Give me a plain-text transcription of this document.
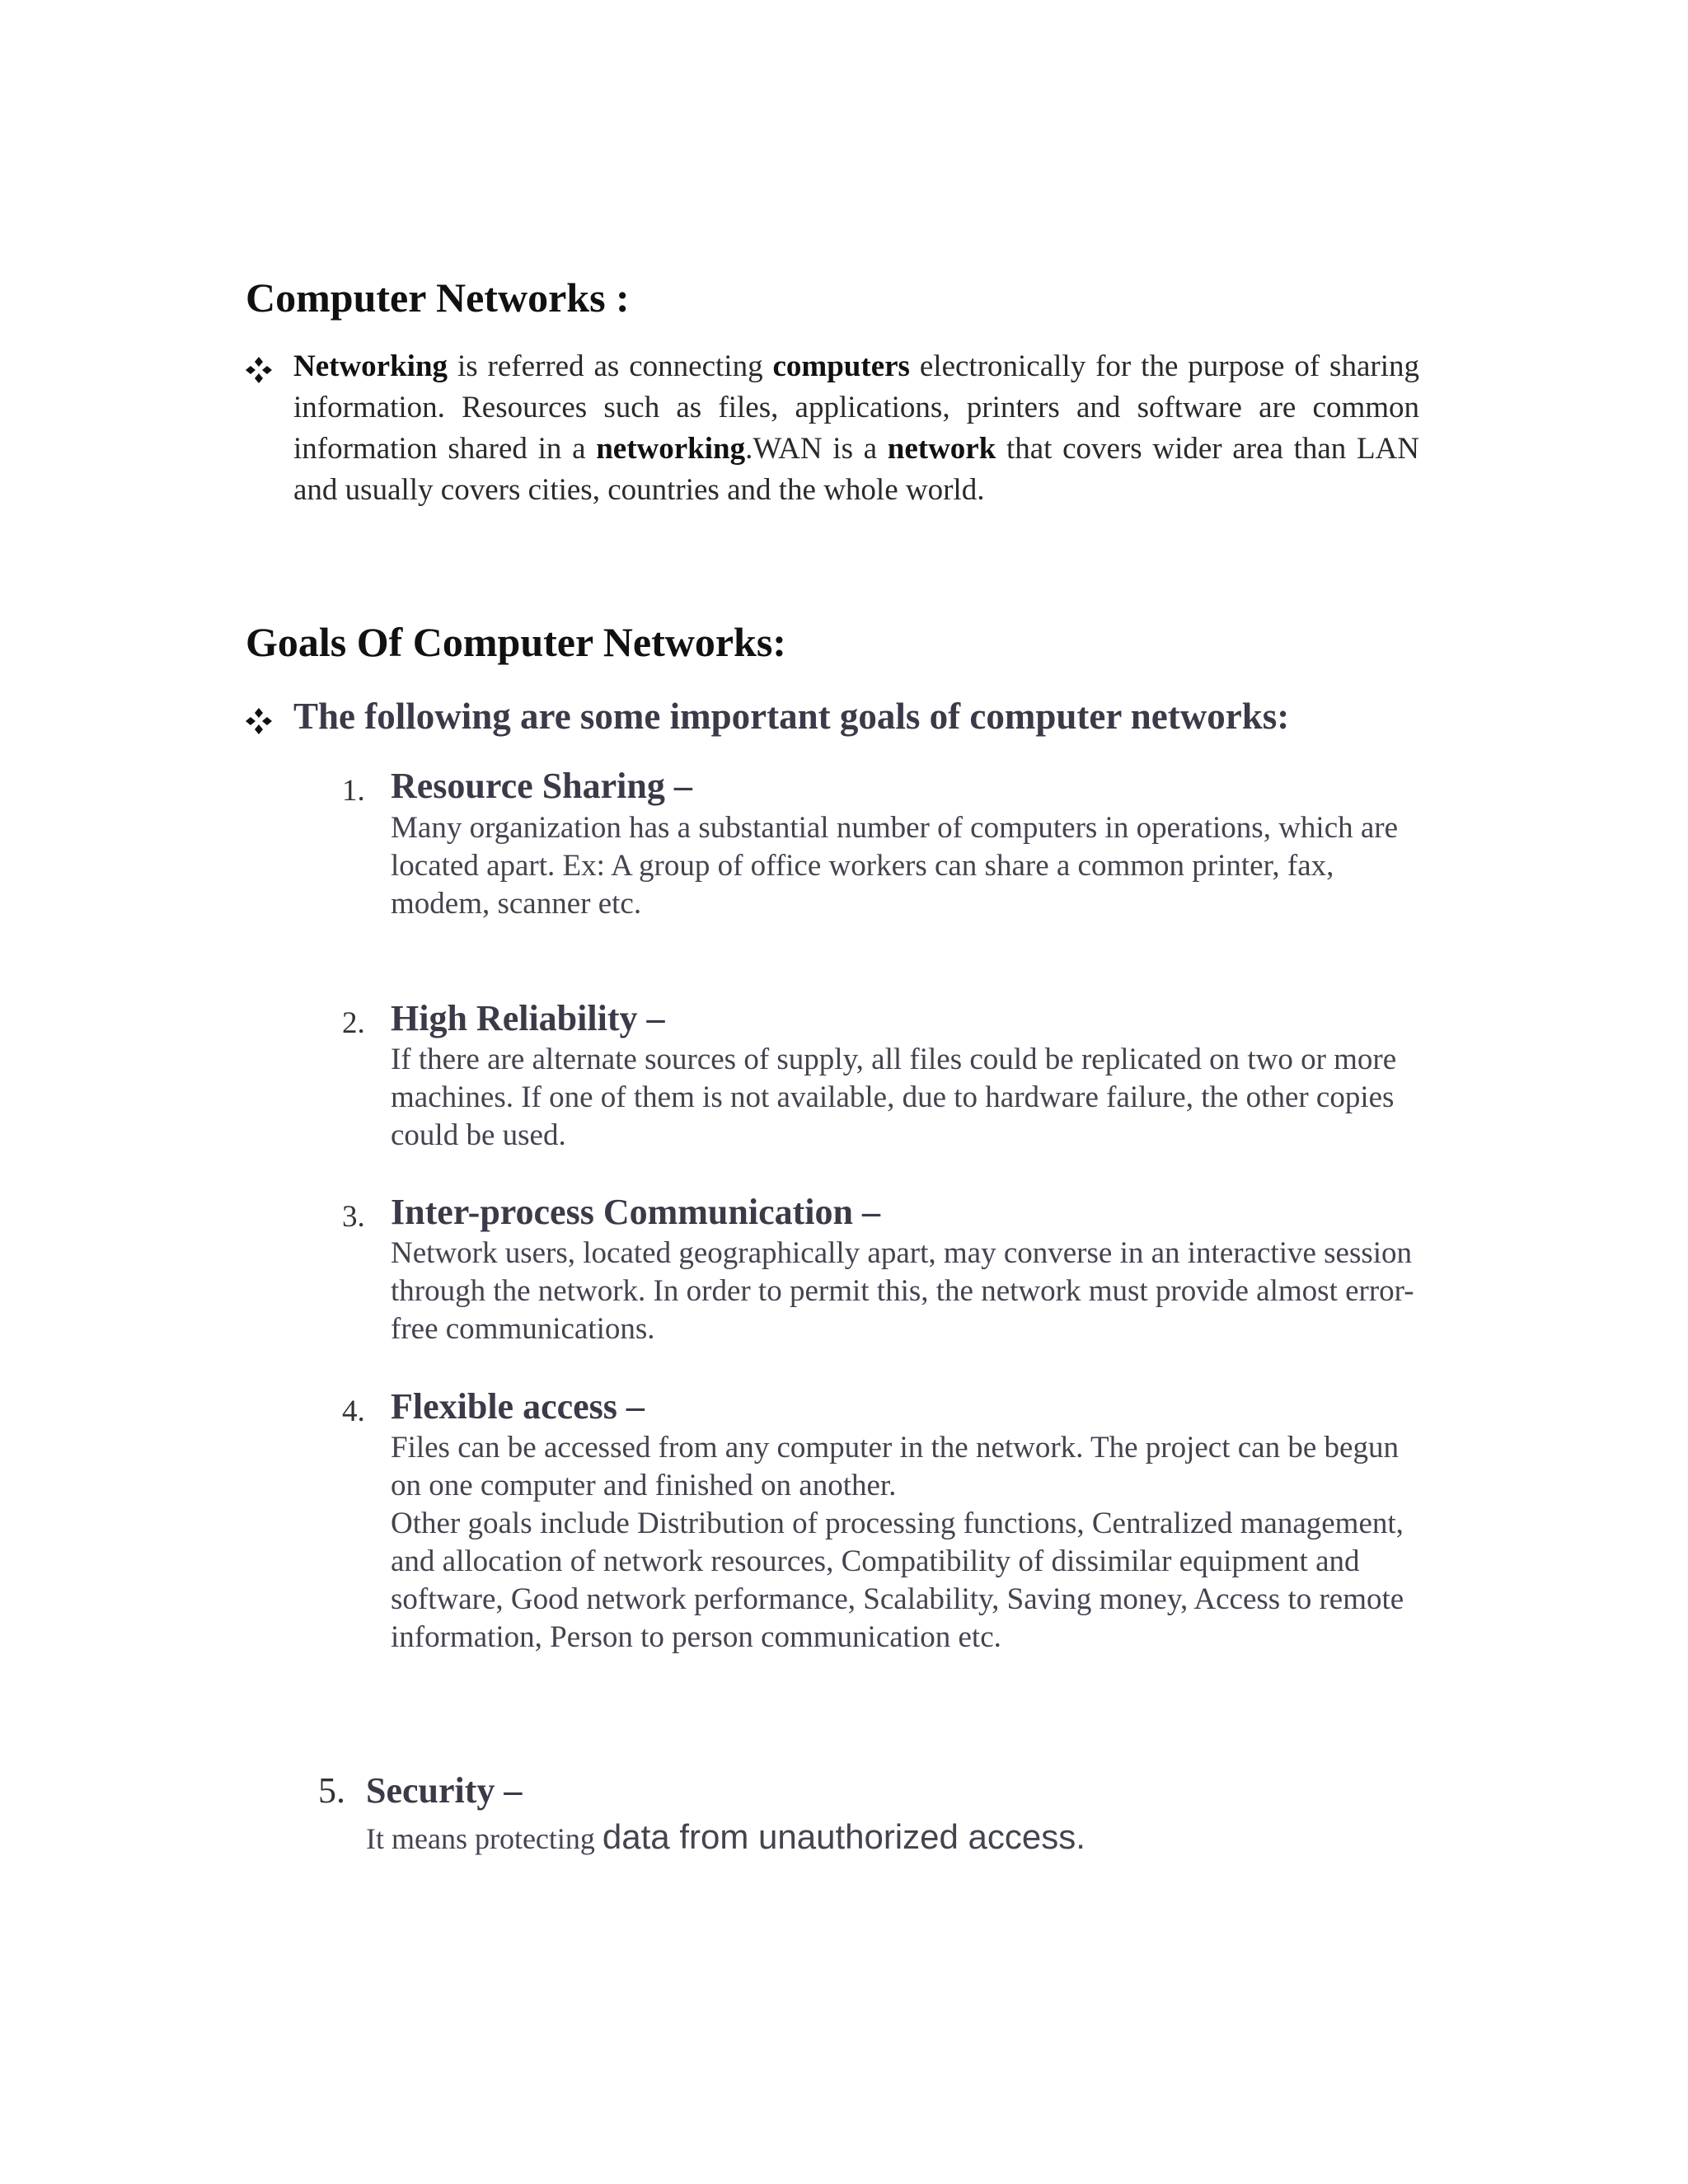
Computer Networks :

Networking is referred as connecting computers electronically for the purpose of sharing information. Resources such as files, applications, printers and software are common information shared in a networking.WAN is a network that covers wider area than LAN and usually covers cities, countries and the whole world.

Goals Of Computer Networks:
The following are some important goals of computer networks:
1. Resource Sharing –

Many organization has a substantial number of computers in operations, which are located apart. Ex: A group of office workers can share a common printer, fax, modem, scanner etc.

2. High Reliability –

If there are alternate sources of supply, all files could be replicated on two or more machines. If one of them is not available, due to hardware failure, the other copies could be used.

3. Inter-process Communication –

Network users, located geographically apart, may converse in an interactive session through the network. In order to permit this, the network must provide almost error-free communications.

4. Flexible access –

Files can be accessed from any computer in the network. The project can be begun on one computer and finished on another.

Other goals include Distribution of processing functions, Centralized management, and allocation of network resources, Compatibility of dissimilar equipment and software, Good network performance, Scalability, Saving money, Access to remote information, Person to person communication etc.

5. Security –

It means protecting data from unauthorized access.
